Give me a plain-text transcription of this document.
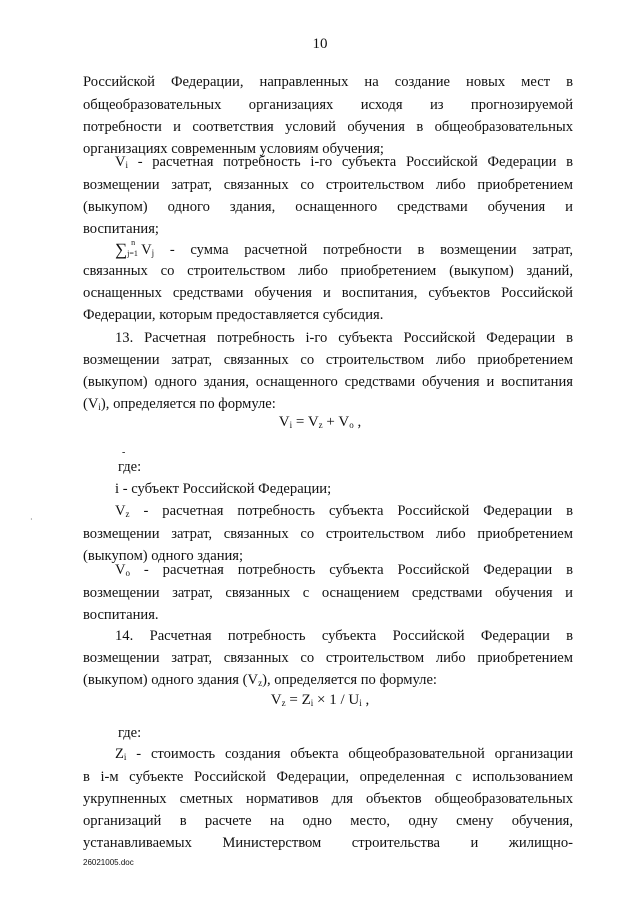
10
Российской Федерации, направленных на создание новых мест в
общеобразовательных организациях исходя из прогнозируемой
потребности и соответствия условий обучения в общеобразовательных
организациях современным условиям обучения;
$V_i$ - расчетная потребность i-го субъекта Российской Федерации в
возмещении затрат, связанных со строительством либо приобретением
(выкупом) одного здания, оснащенного средствами обучения и
воспитания;
∑ n
j=1 $V_j$ - сумма расчетной потребности в возмещении затрат,
связанных со строительством либо приобретением (выкупом) зданий,
оснащенных средствами обучения и воспитания, субъектов Российской
Федерации, которым предоставляется субсидия.
13. Расчетная потребность i-го субъекта Российской Федерации в
возмещении затрат, связанных со строительством либо приобретением
(выкупом) одного здания, оснащенного средствами обучения и воспитания
$(V_i)$, определяется по формуле:
$V_i = V_z + V_o$ ,
-
·
где:
i - субъект Российской Федерации;
$V_z$ - расчетная потребность субъекта Российской Федерации в
возмещении затрат, связанных со строительством либо приобретением
(выкупом) одного здания;
$V_o$ - расчетная потребность субъекта Российской Федерации в
возмещении затрат, связанных с оснащением средствами обучения и
воспитания.
14. Расчетная потребность субъекта Российской Федерации в
возмещении затрат, связанных со строительством либо приобретением
(выкупом) одного здания $(V_z)$, определяется по формуле:
$V_z = Z_i \times 1 / U_i$ ,
где:
$Z_i$ - стоимость создания объекта общеобразовательной организации
в i-м субъекте Российской Федерации, определенная с использованием
укрупненных сметных нормативов для объектов общеобразовательных
организаций в расчете на одно место, одну смену обучения,
устанавливаемых Министерством строительства и жилищно-
26021005.doc
